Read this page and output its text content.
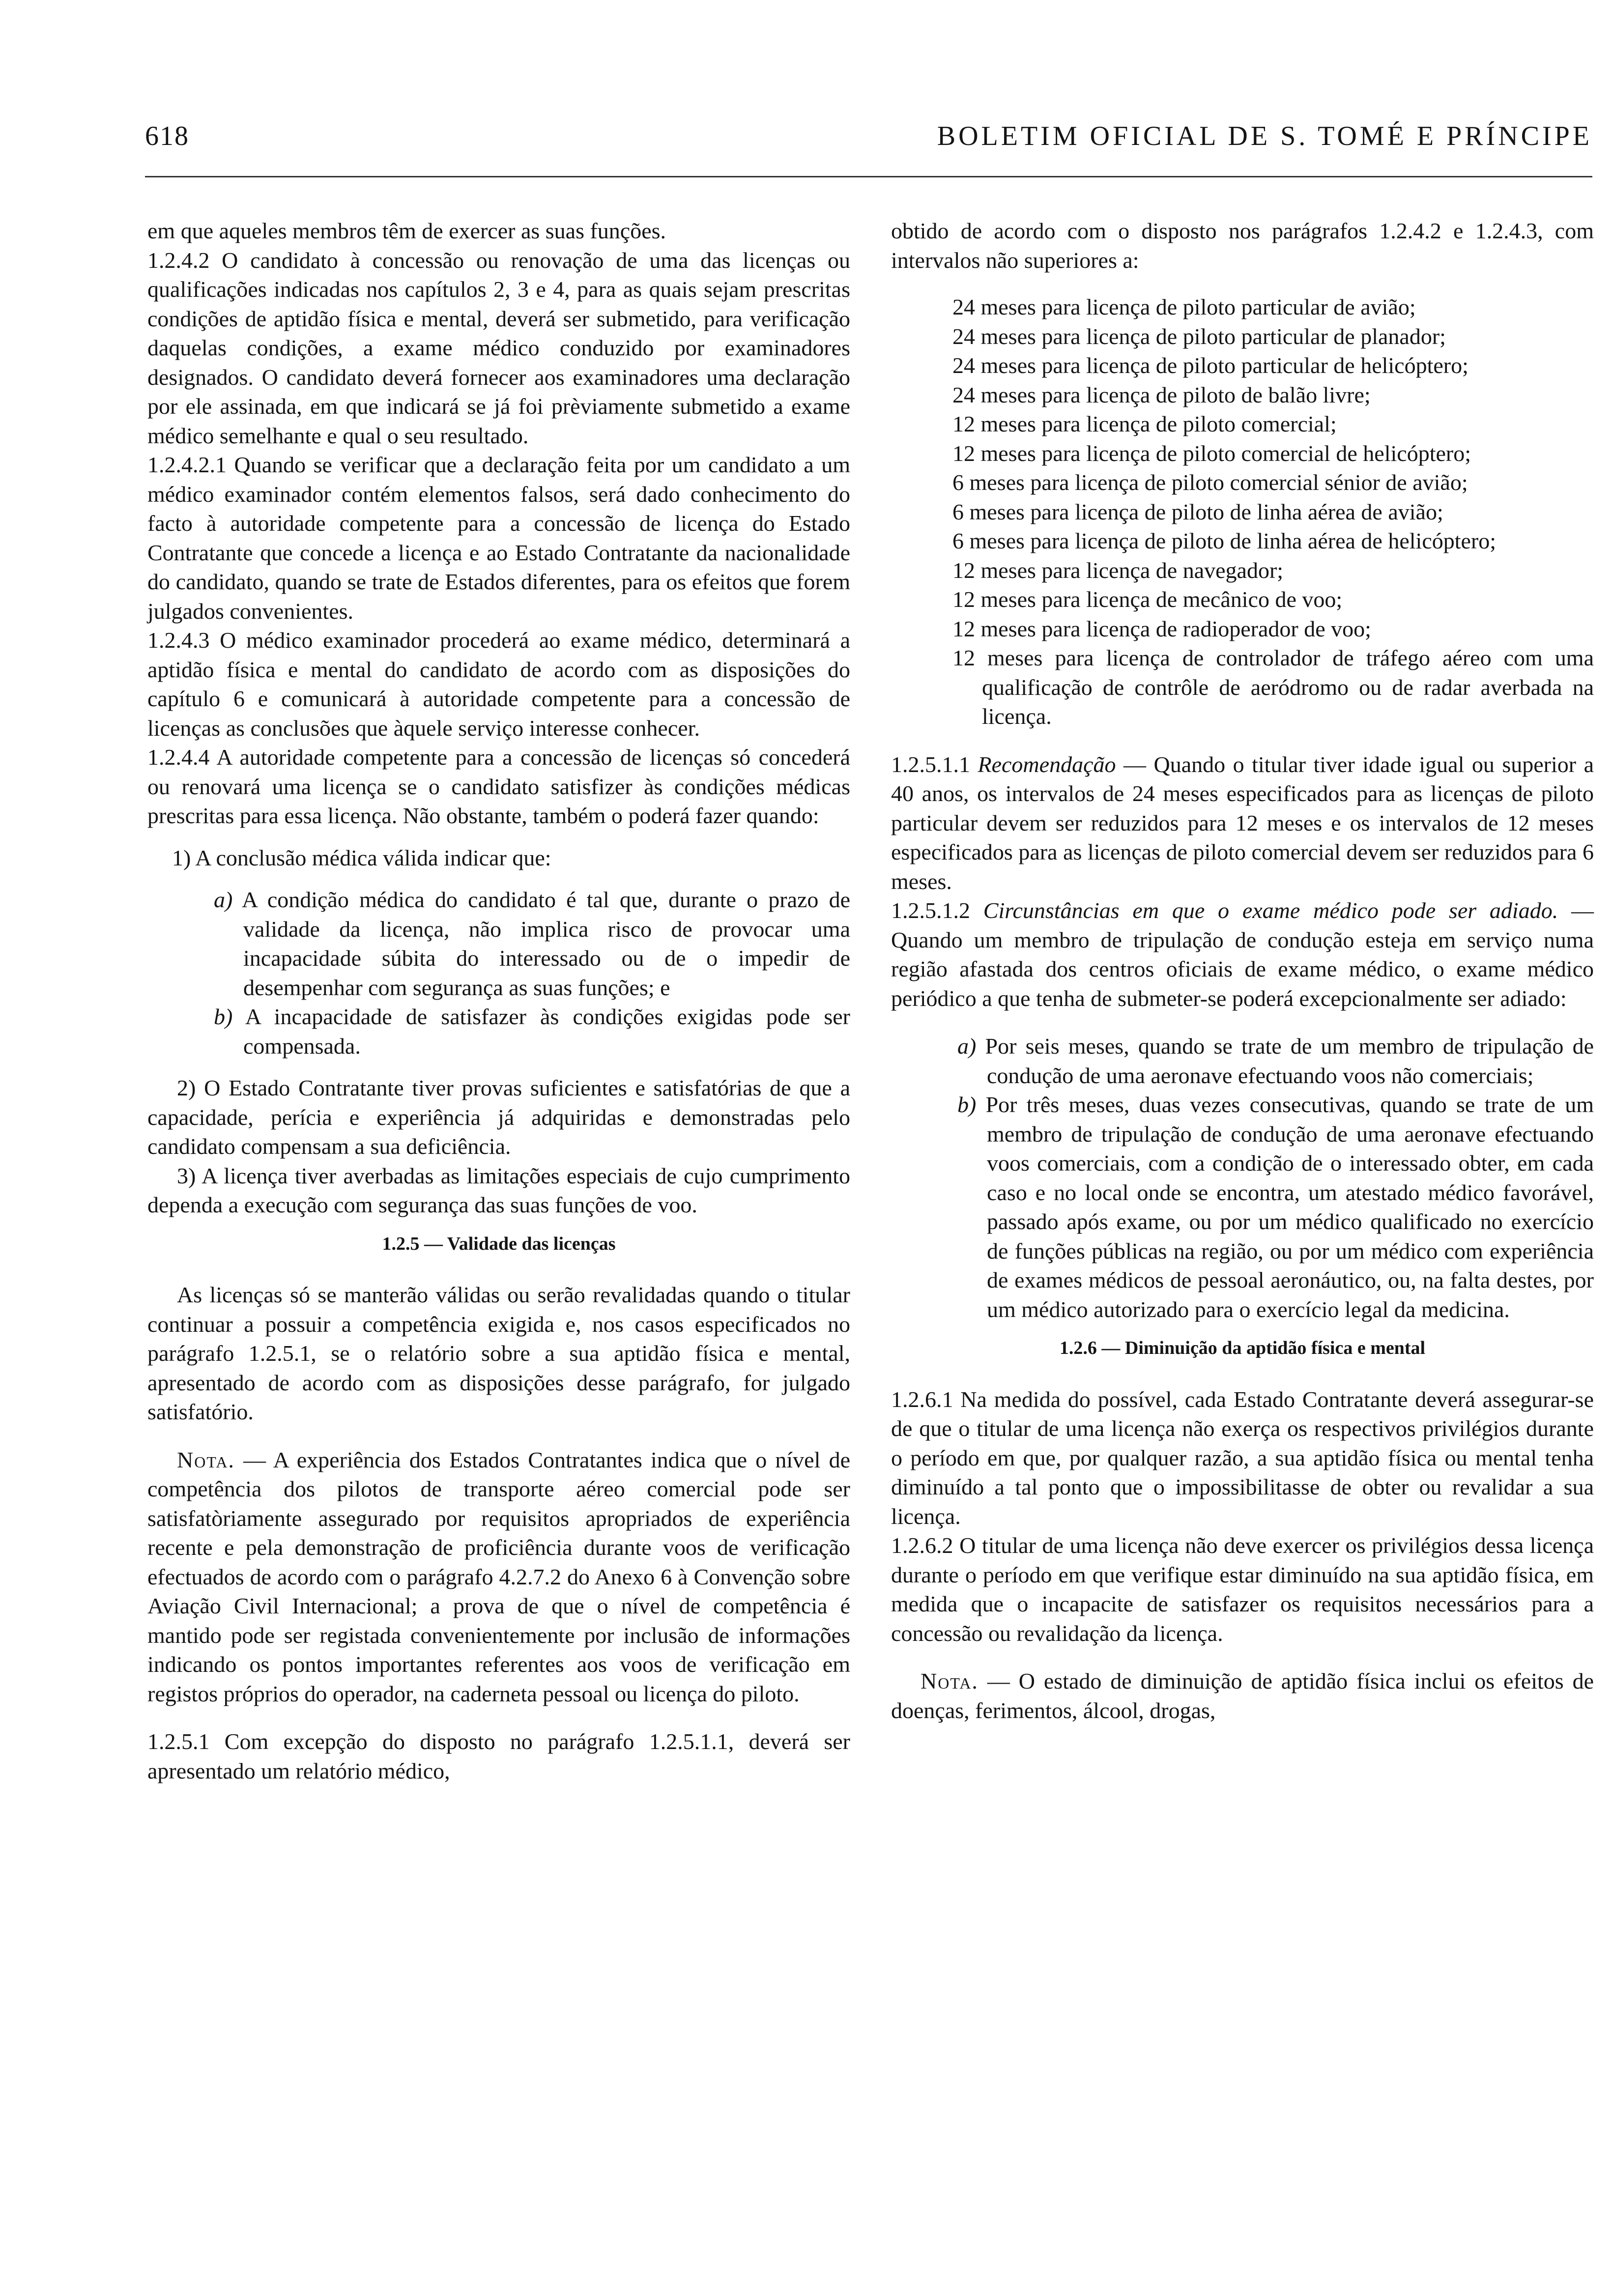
618	BOLETIM OFICIAL DE S. TOMÉ E PRÍNCIPE

em que aqueles membros têm de exercer as suas funções.

1.2.4.2 O candidato à concessão ou renovação de uma das licenças ou qualificações indicadas nos capítulos 2, 3 e 4, para as quais sejam prescritas condições de aptidão física e mental, deverá ser submetido, para verificação daquelas condições, a exame médico conduzido por examinadores designados. O candidato deverá fornecer aos examinadores uma declaração por ele assinada, em que indicará se já foi prèviamente submetido a exame médico semelhante e qual o seu resultado.

1.2.4.2.1 Quando se verificar que a declaração feita por um candidato a um médico examinador contém elementos falsos, será dado conhecimento do facto à autoridade competente para a concessão de licença do Estado Contratante que concede a licença e ao Estado Contratante da nacionalidade do candidato, quando se trate de Estados diferentes, para os efeitos que forem julgados convenientes.

1.2.4.3 O médico examinador procederá ao exame médico, determinará a aptidão física e mental do candidato de acordo com as disposições do capítulo 6 e comunicará à autoridade competente para a concessão de licenças as conclusões que àquele serviço interesse conhecer.

1.2.4.4 A autoridade competente para a concessão de licenças só concederá ou renovará uma licença se o candidato satisfizer às condições médicas prescritas para essa licença. Não obstante, também o poderá fazer quando:

1) A conclusão médica válida indicar que:

a) A condição médica do candidato é tal que, durante o prazo de validade da licença, não implica risco de provocar uma incapacidade súbita do interessado ou de o impedir de desempenhar com segurança as suas funções; e

b) A incapacidade de satisfazer às condições exigidas pode ser compensada.

2) O Estado Contratante tiver provas suficientes e satisfatórias de que a capacidade, perícia e experiência já adquiridas e demonstradas pelo candidato compensam a sua deficiência.

3) A licença tiver averbadas as limitações especiais de cujo cumprimento dependa a execução com segurança das suas funções de voo.

1.2.5 — Validade das licenças

As licenças só se manterão válidas ou serão revalidadas quando o titular continuar a possuir a competência exigida e, nos casos especificados no parágrafo 1.2.5.1, se o relatório sobre a sua aptidão física e mental, apresentado de acordo com as disposições desse parágrafo, for julgado satisfatório.

Nota. — A experiência dos Estados Contratantes indica que o nível de competência dos pilotos de transporte aéreo comercial pode ser satisfatòriamente assegurado por requisitos apropriados de experiência recente e pela demonstração de proficiência durante voos de verificação efectuados de acordo com o parágrafo 4.2.7.2 do Anexo 6 à Convenção sobre Aviação Civil Internacional; a prova de que o nível de competência é mantido pode ser registada convenientemente por inclusão de informações indicando os pontos importantes referentes aos voos de verificação em registos próprios do operador, na caderneta pessoal ou licença do piloto.

1.2.5.1 Com excepção do disposto no parágrafo 1.2.5.1.1, deverá ser apresentado um relatório médico,

obtido de acordo com o disposto nos parágrafos 1.2.4.2 e 1.2.4.3, com intervalos não superiores a:

24 meses para licença de piloto particular de avião;

24 meses para licença de piloto particular de planador;

24 meses para licença de piloto particular de helicóptero;

24 meses para licença de piloto de balão livre;

12 meses para licença de piloto comercial;

12 meses para licença de piloto comercial de helicóptero;

6 meses para licença de piloto comercial sénior de avião;

6 meses para licença de piloto de linha aérea de avião;

6 meses para licença de piloto de linha aérea de helicóptero;

12 meses para licença de navegador;

12 meses para licença de mecânico de voo;

12 meses para licença de radioperador de voo;

12 meses para licença de controlador de tráfego aéreo com uma qualificação de contrôle de aeródromo ou de radar averbada na licença.

1.2.5.1.1 Recomendação — Quando o titular tiver idade igual ou superior a 40 anos, os intervalos de 24 meses especificados para as licenças de piloto particular devem ser reduzidos para 12 meses e os intervalos de 12 meses especificados para as licenças de piloto comercial devem ser reduzidos para 6 meses.

1.2.5.1.2 Circunstâncias em que o exame médico pode ser adiado. — Quando um membro de tripulação de condução esteja em serviço numa região afastada dos centros oficiais de exame médico, o exame médico periódico a que tenha de submeter-se poderá excepcionalmente ser adiado:

a) Por seis meses, quando se trate de um membro de tripulação de condução de uma aeronave efectuando voos não comerciais;

b) Por três meses, duas vezes consecutivas, quando se trate de um membro de tripulação de condução de uma aeronave efectuando voos comerciais, com a condição de o interessado obter, em cada caso e no local onde se encontra, um atestado médico favorável, passado após exame, ou por um médico qualificado no exercício de funções públicas na região, ou por um médico com experiência de exames médicos de pessoal aeronáutico, ou, na falta destes, por um médico autorizado para o exercício legal da medicina.

1.2.6 — Diminuição da aptidão física e mental

1.2.6.1 Na medida do possível, cada Estado Contratante deverá assegurar-se de que o titular de uma licença não exerça os respectivos privilégios durante o período em que, por qualquer razão, a sua aptidão física ou mental tenha diminuído a tal ponto que o impossibilitasse de obter ou revalidar a sua licença.

1.2.6.2 O titular de uma licença não deve exercer os privilégios dessa licença durante o período em que verifique estar diminuído na sua aptidão física, em medida que o incapacite de satisfazer os requisitos necessários para a concessão ou revalidação da licença.

Nota. — O estado de diminuição de aptidão física inclui os efeitos de doenças, ferimentos, álcool, drogas,
